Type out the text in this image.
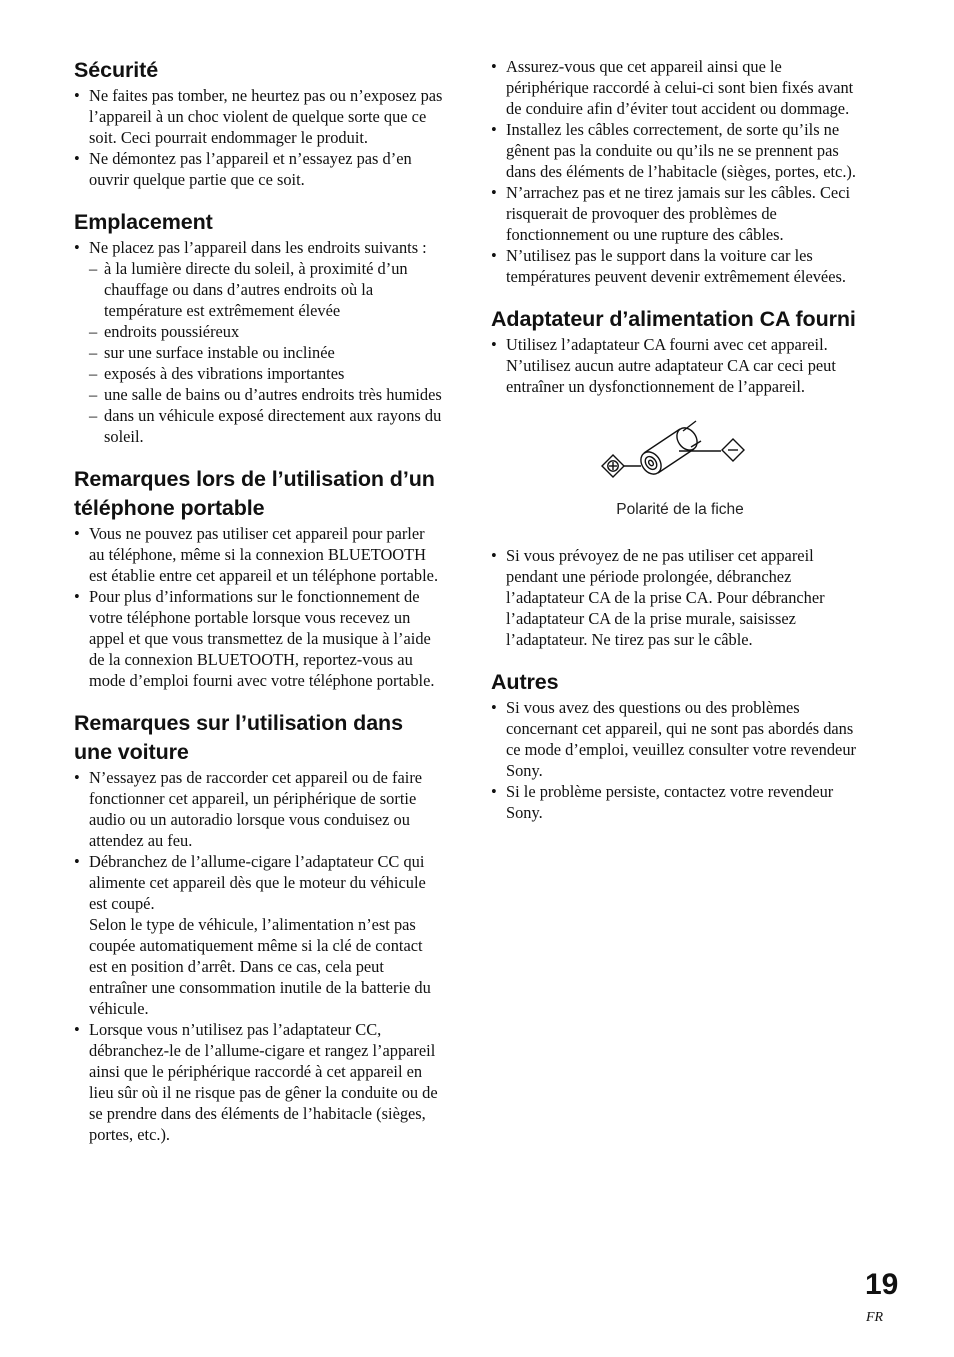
Sécurité
• Ne faites pas tomber, ne heurtez pas ou n’exposez pas l’appareil à un choc violent de quelque sorte que ce soit. Ceci pourrait endommager le produit.
• Ne démontez pas l’appareil et n’essayez pas d’en ouvrir quelque partie que ce soit.
Emplacement
• Ne placez pas l’appareil dans les endroits suivants :
– à la lumière directe du soleil, à proximité d’un chauffage ou dans d’autres endroits où la température est extrêmement élevée
– endroits poussiéreux
– sur une surface instable ou inclinée
– exposés à des vibrations importantes
– une salle de bains ou d’autres endroits très humides
– dans un véhicule exposé directement aux rayons du soleil.
Remarques lors de l’utilisation d’un téléphone portable
• Vous ne pouvez pas utiliser cet appareil pour parler au téléphone, même si la connexion BLUETOOTH est établie entre cet appareil et un téléphone portable.
• Pour plus d’informations sur le fonctionnement de votre téléphone portable lorsque vous recevez un appel et que vous transmettez de la musique à l’aide de la connexion BLUETOOTH, reportez-vous au mode d’emploi fourni avec votre téléphone portable.
Remarques sur l’utilisation dans une voiture
• N’essayez pas de raccorder cet appareil ou de faire fonctionner cet appareil, un périphérique de sortie audio ou un autoradio lorsque vous conduisez ou attendez au feu.
• Débranchez de l’allume-cigare l’adaptateur CC qui alimente cet appareil dès que le moteur du véhicule est coupé.
Selon le type de véhicule, l’alimentation n’est pas coupée automatiquement même si la clé de contact est en position d’arrêt. Dans ce cas, cela peut entraîner une consommation inutile de la batterie du véhicule.
• Lorsque vous n’utilisez pas l’adaptateur CC, débranchez-le de l’allume-cigare et rangez l’appareil ainsi que le périphérique raccordé à cet appareil en lieu sûr où il ne risque pas de gêner la conduite ou de se prendre dans des éléments de l’habitacle (sièges, portes, etc.).
• Assurez-vous que cet appareil ainsi que le périphérique raccordé à celui-ci sont bien fixés avant de conduire afin d’éviter tout accident ou dommage.
• Installez les câbles correctement, de sorte qu’ils ne gênent pas la conduite ou qu’ils ne se prennent pas dans des éléments de l’habitacle (sièges, portes, etc.).
• N’arrachez pas et ne tirez jamais sur les câbles. Ceci risquerait de provoquer des problèmes de fonctionnement ou une rupture des câbles.
• N’utilisez pas le support dans la voiture car les températures peuvent devenir extrêmement élevées.
Adaptateur d’alimentation CA fourni
• Utilisez l’adaptateur CA fourni avec cet appareil. N’utilisez aucun autre adaptateur CA car ceci peut entraîner un dysfonctionnement de l’appareil.
Polarité de la fiche
• Si vous prévoyez de ne pas utiliser cet appareil pendant une période prolongée, débranchez l’adaptateur CA de la prise CA. Pour débrancher l’adaptateur CA de la prise murale, saisissez l’adaptateur. Ne tirez pas sur le câble.
Autres
• Si vous avez des questions ou des problèmes concernant cet appareil, qui ne sont pas abordés dans ce mode d’emploi, veuillez consulter votre revendeur Sony.
• Si le problème persiste, contactez votre revendeur Sony.
19
FR
